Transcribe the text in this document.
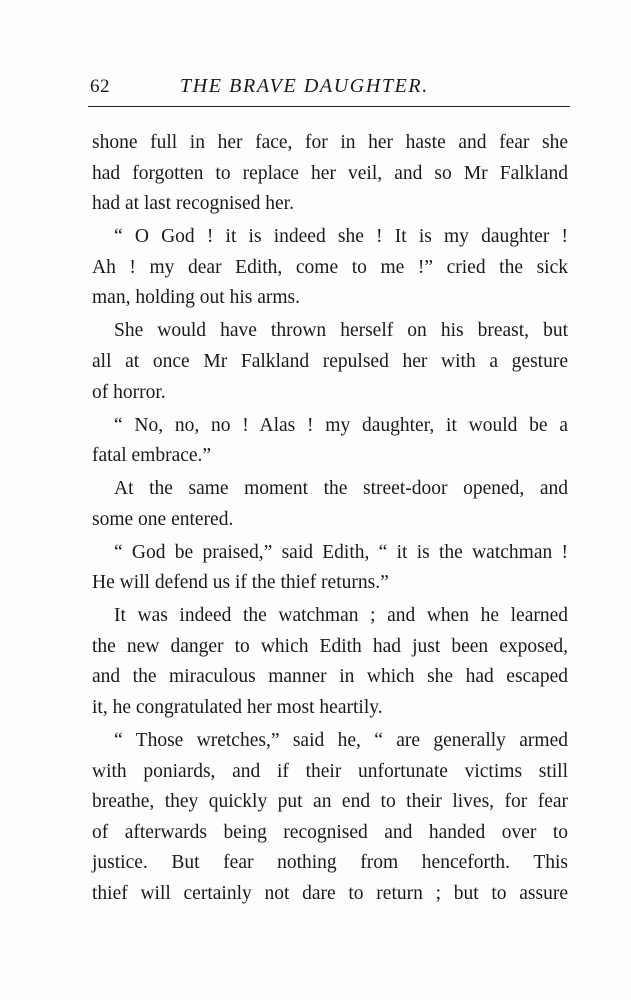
62	THE BRAVE DAUGHTER.
shone full in her face, for in her haste and fear she
had forgotten to replace her veil, and so Mr Falkland
had at last recognised her.
“ O God ! it is indeed she ! It is my daughter !
Ah ! my dear Edith, come to me !” cried the sick
man, holding out his arms.
She would have thrown herself on his breast, but
all at once Mr Falkland repulsed her with a gesture
of horror.
“ No, no, no ! Alas ! my daughter, it would be a
fatal embrace.”
At the same moment the street-door opened, and
some one entered.
“ God be praised,” said Edith, “ it is the watchman !
He will defend us if the thief returns.”
It was indeed the watchman ; and when he learned
the new danger to which Edith had just been exposed,
and the miraculous manner in which she had escaped
it, he congratulated her most heartily.
“ Those wretches,” said he, “ are generally armed
with poniards, and if their unfortunate victims still
breathe, they quickly put an end to their lives, for fear
of afterwards being recognised and handed over to
justice. But fear nothing from henceforth. This
thief will certainly not dare to return ; but to assure
